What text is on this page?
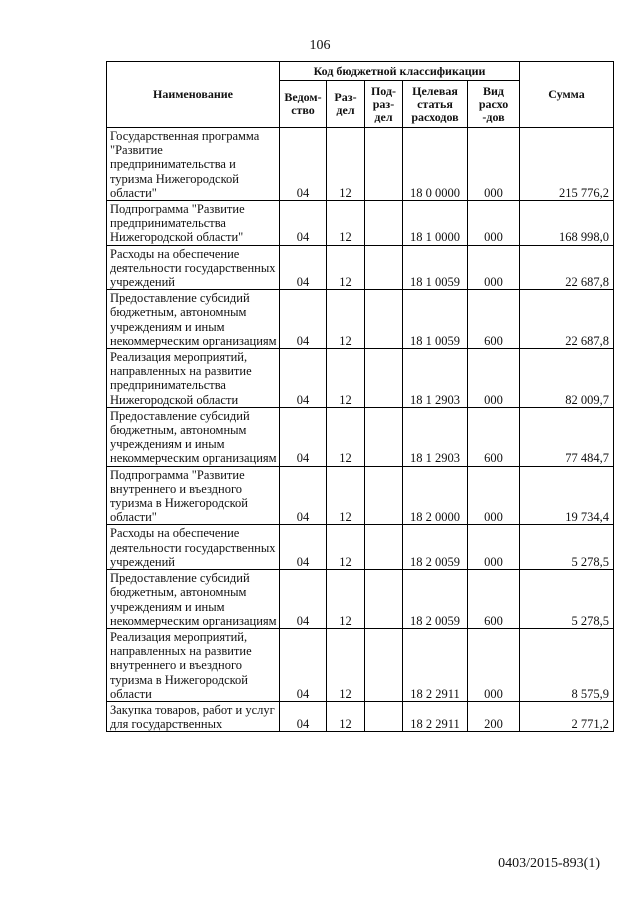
106
Наименование	Код бюджетной классификации					Сумма
	Ведом-ство	Раз-дел	Под-раз-дел	Целевая статья расходов	Вид расхо -дов	
Государственная программа "Развитие предпринимательства и туризма Нижегородской области"	04	12		18 0 0000	000	215 776,2
Подпрограмма "Развитие предпринимательства Нижегородской области"	04	12		18 1 0000	000	168 998,0
Расходы на обеспечение деятельности государственных учреждений	04	12		18 1 0059	000	22 687,8
Предоставление субсидий бюджетным, автономным учреждениям и иным некоммерческим организациям	04	12		18 1 0059	600	22 687,8
Реализация мероприятий, направленных на развитие предпринимательства Нижегородской области	04	12		18 1 2903	000	82 009,7
Предоставление субсидий бюджетным, автономным учреждениям и иным некоммерческим организациям	04	12		18 1 2903	600	77 484,7
Подпрограмма "Развитие внутреннего и въездного туризма в Нижегородской области"	04	12		18 2 0000	000	19 734,4
Расходы на обеспечение деятельности государственных учреждений	04	12		18 2 0059	000	5 278,5
Предоставление субсидий бюджетным, автономным учреждениям и иным некоммерческим организациям	04	12		18 2 0059	600	5 278,5
Реализация мероприятий, направленных на развитие внутреннего и въездного туризма в Нижегородской области	04	12		18 2 2911	000	8 575,9
Закупка товаров, работ и услуг для государственных	04	12		18 2 2911	200	2 771,2
0403/2015-893(1)
